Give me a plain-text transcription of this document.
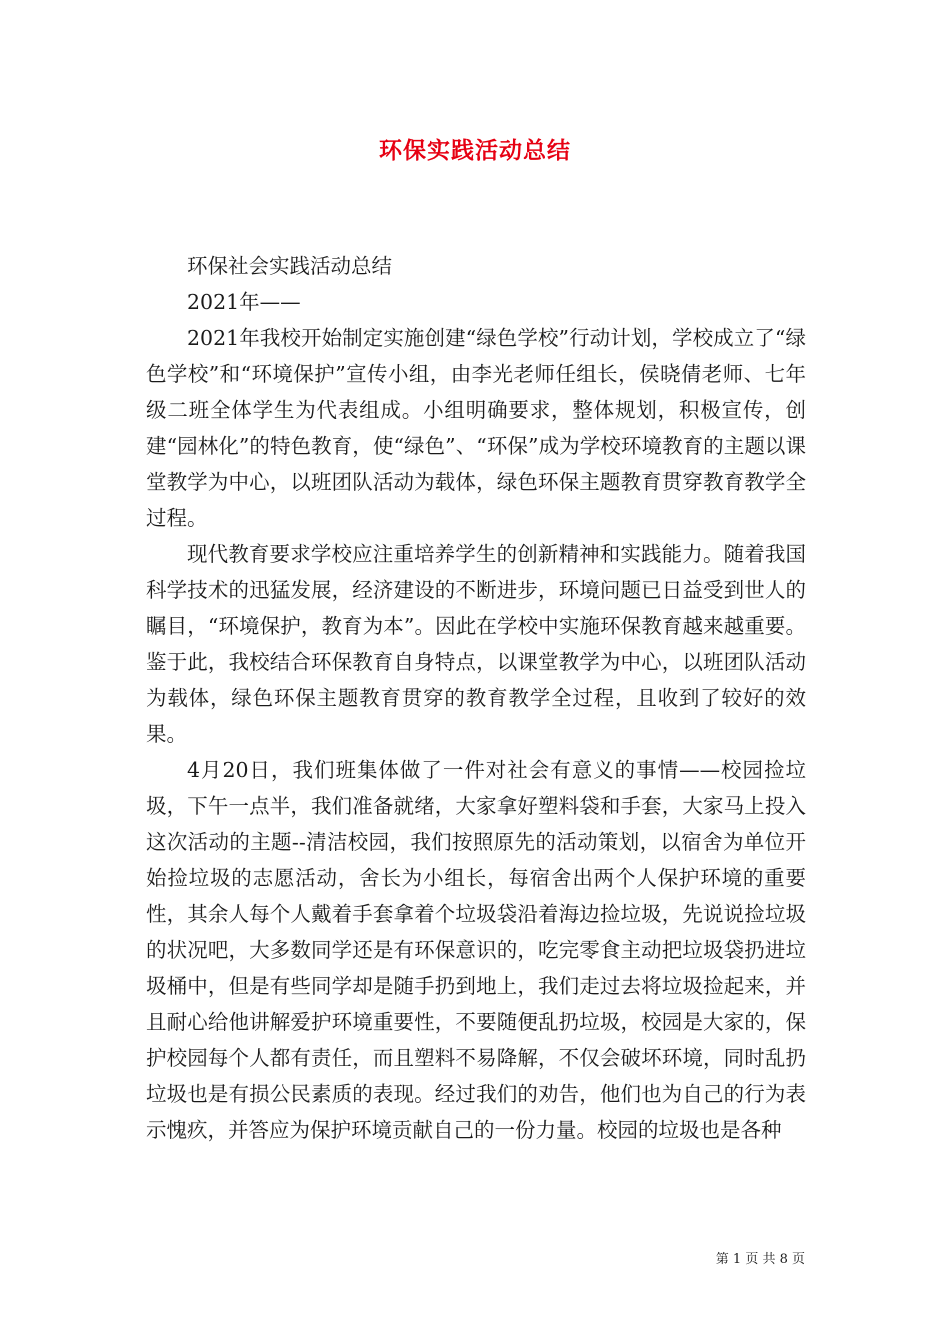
环保实践活动总结

环保社会实践活动总结

2021年——

2021年我校开始制定实施创建“绿色学校”行动计划，学校成立了“绿色学校”和“环境保护”宣传小组，由李光老师任组长，侯晓倩老师、七年级二班全体学生为代表组成。小组明确要求，整体规划，积极宣传，创建“园林化”的特色教育，使“绿色”、“环保”成为学校环境教育的主题以课堂教学为中心，以班团队活动为载体，绿色环保主题教育贯穿教育教学全过程。

现代教育要求学校应注重培养学生的创新精神和实践能力。随着我国科学技术的迅猛发展，经济建设的不断进步，环境问题已日益受到世人的瞩目，“环境保护，教育为本”。因此在学校中实施环保教育越来越重要。鉴于此，我校结合环保教育自身特点，以课堂教学为中心，以班团队活动为载体，绿色环保主题教育贯穿的教育教学全过程，且收到了较好的效果。

4月20日，我们班集体做了一件对社会有意义的事情——校园捡垃圾，下午一点半，我们准备就绪，大家拿好塑料袋和手套，大家马上投入这次活动的主题--清洁校园，我们按照原先的活动策划，以宿舍为单位开始捡垃圾的志愿活动，舍长为小组长，每宿舍出两个人保护环境的重要性，其余人每个人戴着手套拿着个垃圾袋沿着海边捡垃圾，先说说捡垃圾的状况吧，大多数同学还是有环保意识的，吃完零食主动把垃圾袋扔进垃圾桶中，但是有些同学却是随手扔到地上，我们走过去将垃圾捡起来，并且耐心给他讲解爱护环境重要性，不要随便乱扔垃圾，校园是大家的，保护校园每个人都有责任，而且塑料不易降解，不仅会破坏环境，同时乱扔垃圾也是有损公民素质的表现。经过我们的劝告，他们也为自己的行为表示愧疚，并答应为保护环境贡献自己的一份力量。校园的垃圾也是各种

第 1 页 共 8 页
